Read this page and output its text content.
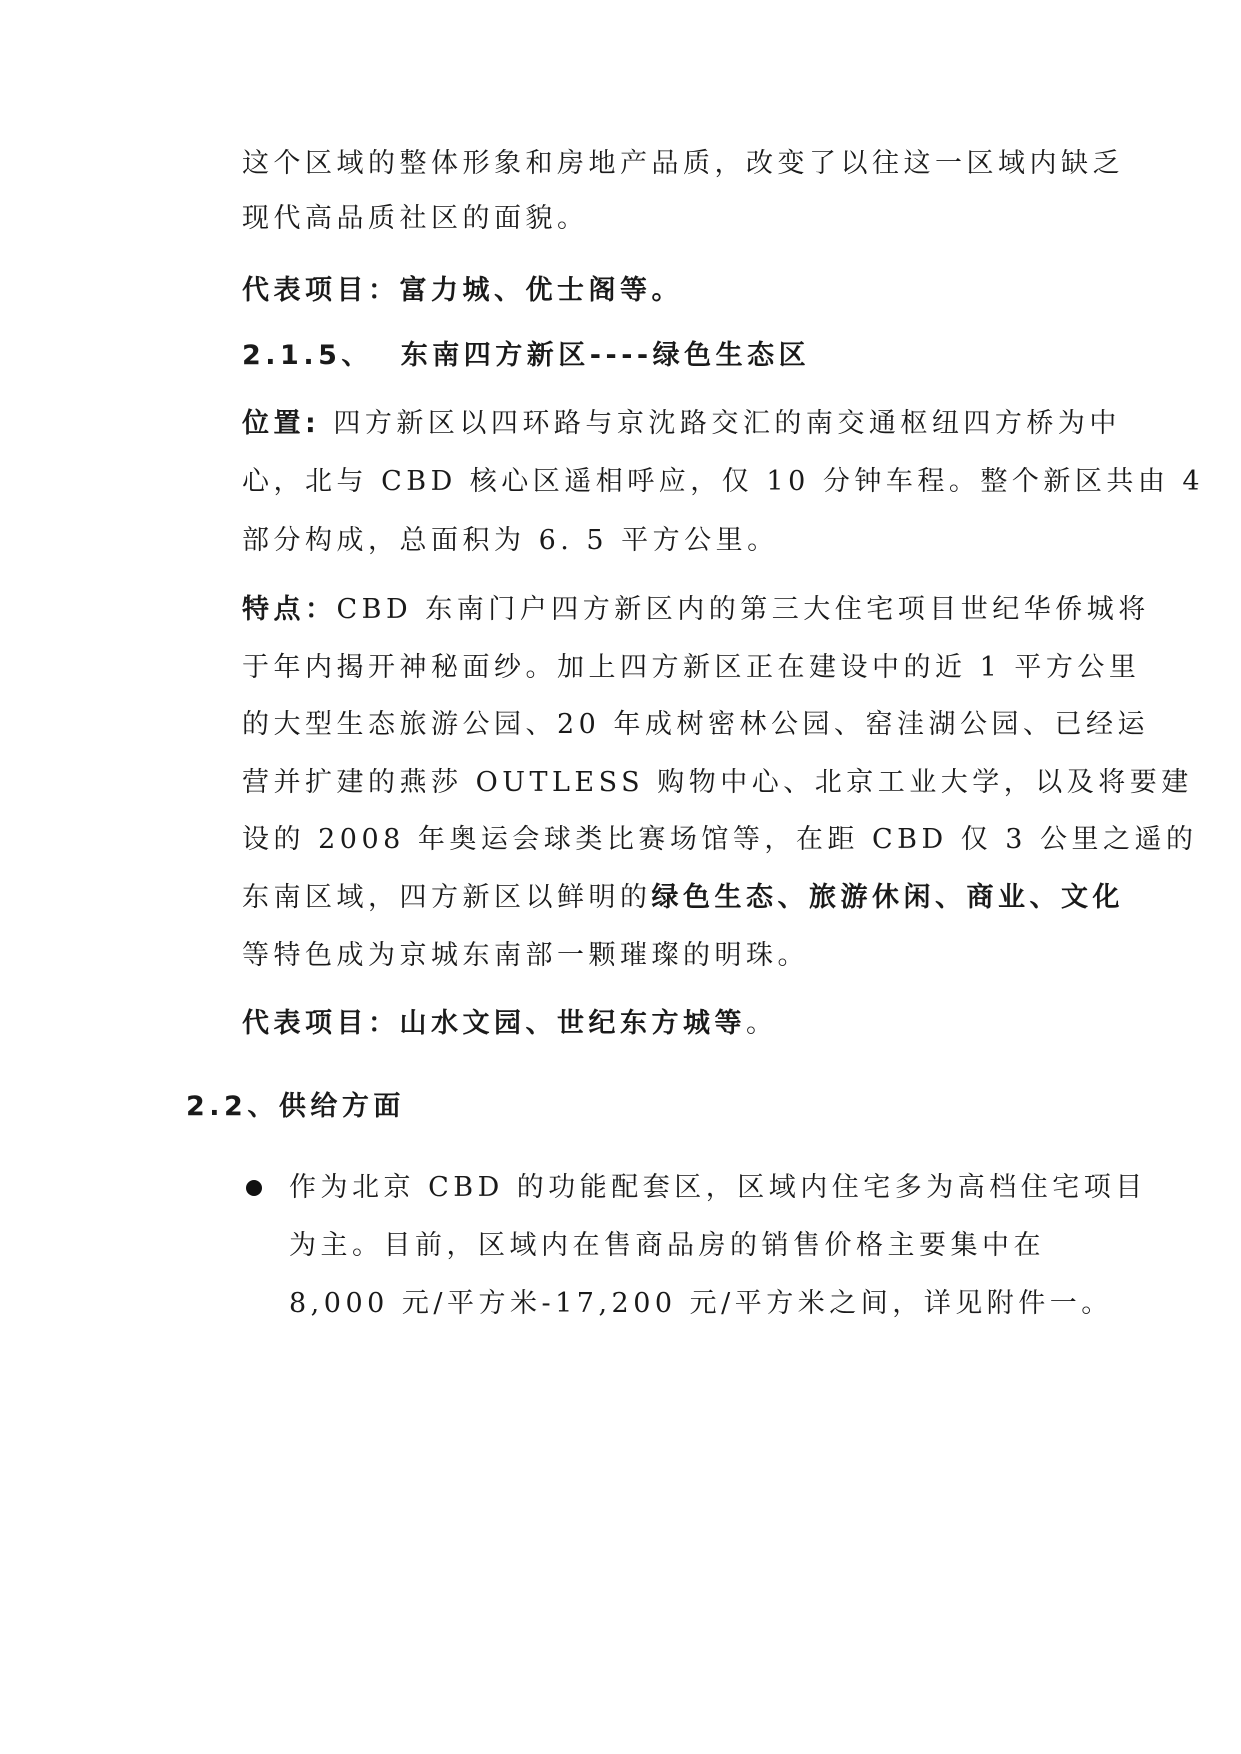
这个区域的整体形象和房地产品质，改变了以往这一区域内缺乏
现代高品质社区的面貌。
代表项目：富力城、优士阁等。
2.1.5、 东南四方新区----绿色生态区
位置: 四方新区以四环路与京沈路交汇的南交通枢纽四方桥为中
心，北与 CBD 核心区遥相呼应，仅 10 分钟车程。整个新区共由 4
部分构成，总面积为 6. 5 平方公里。
特点：CBD 东南门户四方新区内的第三大住宅项目世纪华侨城将
于年内揭开神秘面纱。加上四方新区正在建设中的近 1 平方公里
的大型生态旅游公园、20 年成树密林公园、窑洼湖公园、已经运
营并扩建的燕莎 OUTLESS 购物中心、北京工业大学，以及将要建
设的 2008 年奥运会球类比赛场馆等，在距 CBD 仅 3 公里之遥的
东南区域，四方新区以鲜明的绿色生态、旅游休闲、商业、文化
等特色成为京城东南部一颗璀璨的明珠。
代表项目：山水文园、世纪东方城等。
2.2、供给方面
作为北京 CBD 的功能配套区，区域内住宅多为高档住宅项目
为主。目前，区域内在售商品房的销售价格主要集中在
8,000 元/平方米-17,200 元/平方米之间，详见附件一。
